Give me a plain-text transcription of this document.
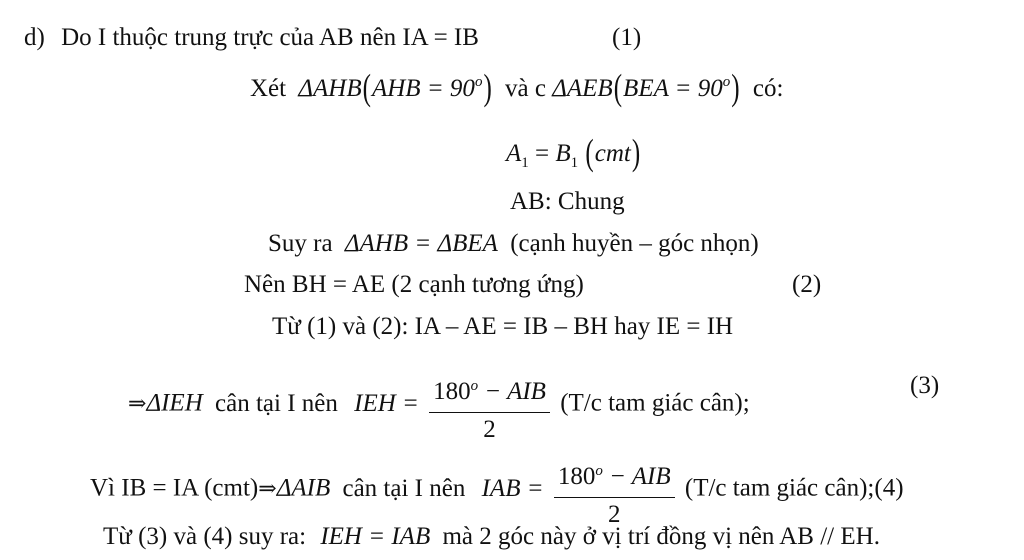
d) Do I thuộc trung trực của AB nên IA = IB	(1)
Xét $\Delta AHB(AHB = 90^o)$ và c $\Delta AEB(BEA = 90^o)$ có:
$A_1 = B_1$ (cmt)
AB: Chung
Suy ra ΔAHB = ΔBEA (cạnh huyền – góc nhọn)
Nên BH = AE (2 cạnh tương ứng)	(2)
Từ (1) và (2): IA – AE = IB – BH hay IE = IH
⇒ΔIEH cân tại I nên IEH = $\frac{180^o - AIB}{2} (T/c$ tam giác cân);
(3)
Vì IB = IA (cmt)⇒ΔAIB cân tại I nên IAB = $\frac{180^o - AIB}{2} (T/c$ tam giác cân);(4)
Từ (3) và (4) suy ra: IEH = IAB mà 2 góc này ở vị trí đồng vị nên AB // EH.
